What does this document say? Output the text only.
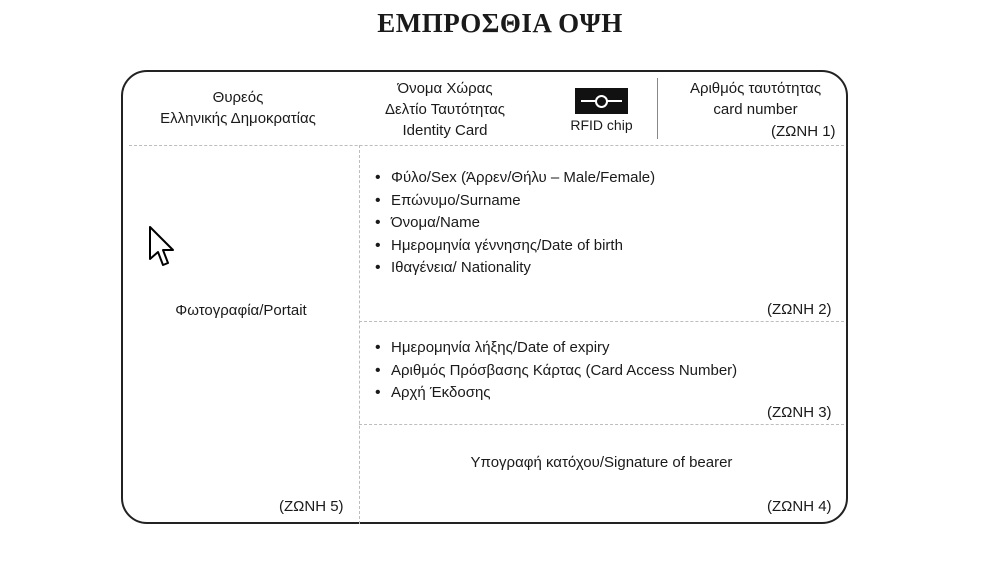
ΕΜΠΡΟΣΘΙΑ ΟΨΗ
Θυρεός
Ελληνικής Δημοκρατίας
Όνομα Χώρας
Δελτίο Ταυτότητας
Identity Card	RFID chip
Αριθμός ταυτότητας
card number
(ΖΩΝΗ 1)
Φωτογραφία/Portait
(ΖΩΝΗ 5)
• Φύλο/Sex (Άρρεν/Θήλυ – Male/Female)
• Επώνυμο/Surname
• Όνομα/Name
• Ημερομηνία γέννησης/Date of birth
• Ιθαγένεια/ Nationality
(ΖΩΝΗ 2)
• Ημερομηνία λήξης/Date of expiry
• Αριθμός Πρόσβασης Κάρτας (Card Access Number)
• Αρχή Έκδοσης
(ΖΩΝΗ 3)
Υπογραφή κατόχου/Signature of bearer
(ΖΩΝΗ 4)
